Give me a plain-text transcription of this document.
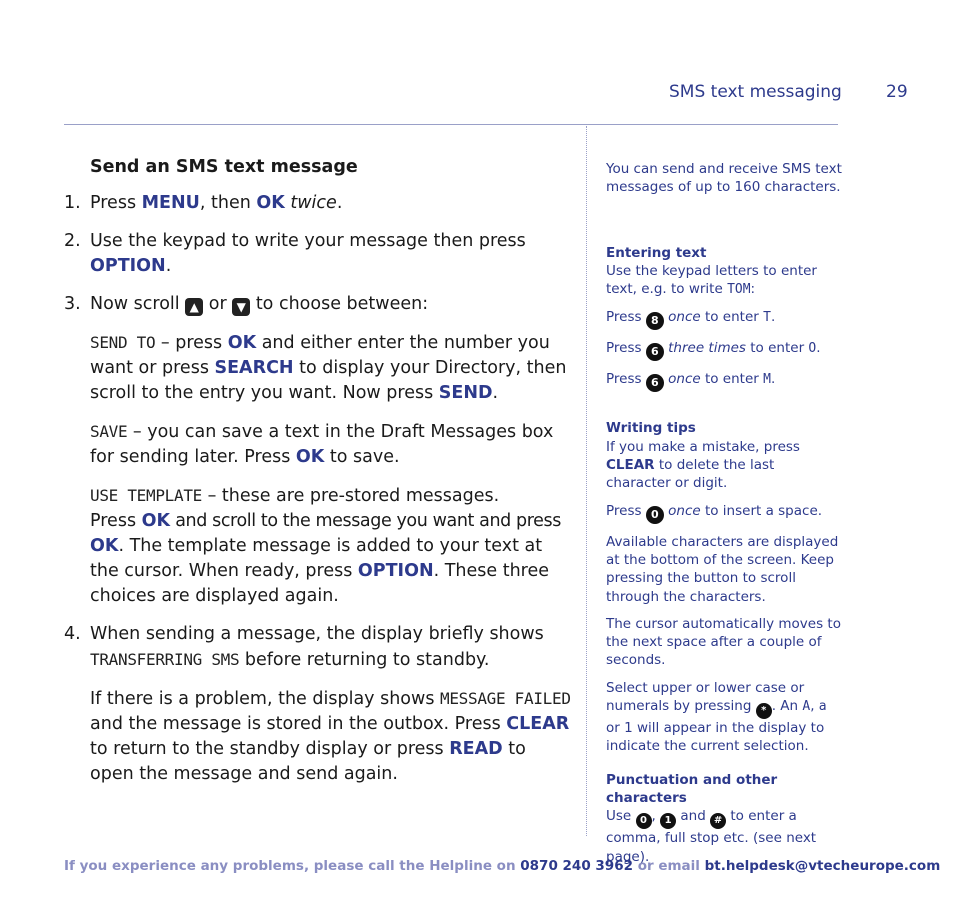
SMS text messaging	29
Send an SMS text message
1. Press MENU, then OK twice.
2. Use the keypad to write your message then press OPTION.
3. Now scroll ▲ or ▼ to choose between:
SEND TO – press OK and either enter the number you want or press SEARCH to display your Directory, then scroll to the entry you want. Now press SEND.
SAVE – you can save a text in the Draft Messages box for sending later. Press OK to save.
USE TEMPLATE – these are pre-stored messages.
Press OK and scroll to the message you want and press OK. The template message is added to your text at the cursor. When ready, press OPTION. These three choices are displayed again.
4. When sending a message, the display briefly shows TRANSFERRING SMS before returning to standby.
If there is a problem, the display shows MESSAGE FAILED and the message is stored in the outbox. Press CLEAR to return to the standby display or press READ to open the message and send again.

You can send and receive SMS text messages of up to 160 characters.

Entering text

Use the keypad letters to enter text, e.g. to write TOM:

Press 8 once to enter T.

Press 6 three times to enter O.

Press 6 once to enter M.

Writing tips

If you make a mistake, press CLEAR to delete the last character or digit.

Press 0 once to insert a space.

Available characters are displayed at the bottom of the screen. Keep pressing the button to scroll through the characters.

The cursor automatically moves to the next space after a couple of seconds.

Select upper or lower case or numerals by pressing * . An A, a or 1 will appear in the display to indicate the current selection.

Punctuation and other characters

Use 0 , 1 and # to enter a comma, full stop etc. (see next page).

If you experience any problems, please call the Helpline on 0870 240 3962 or email bt.helpdesk@vtecheurope.com
